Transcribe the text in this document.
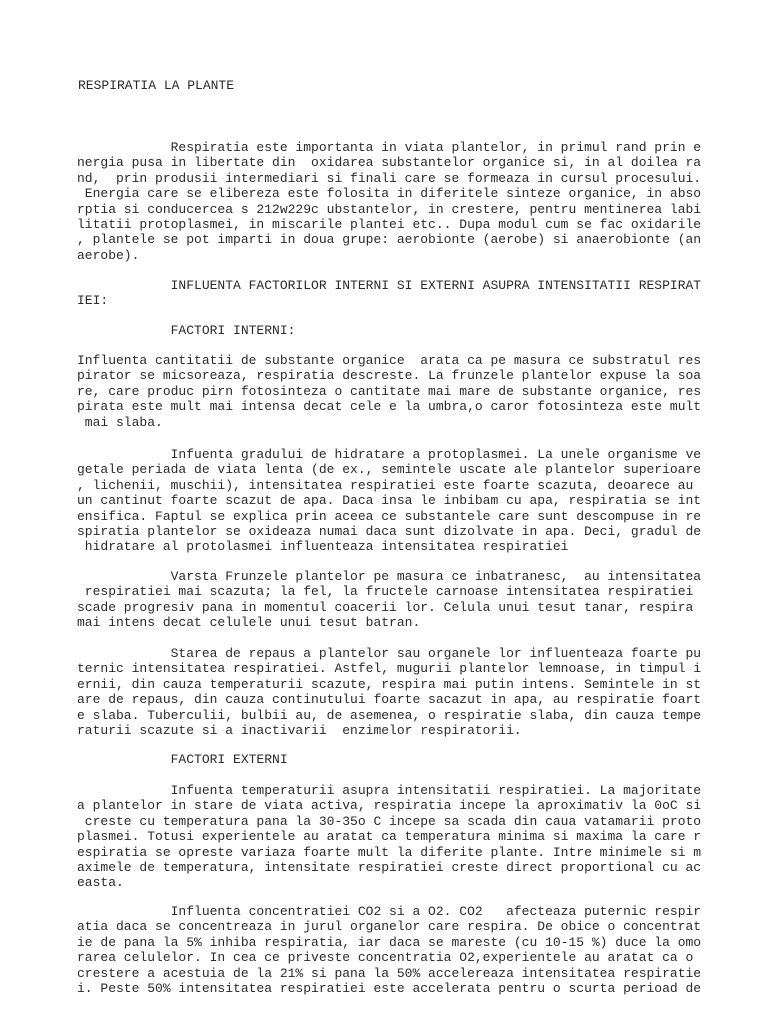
RESPIRATIA LA PLANTE
Respiratia este importanta in viata plantelor, in primul rand prin e
nergia pusa in libertate din  oxidarea substantelor organice si, in al doilea ra
nd,  prin produsii intermediari si finali care se formeaza in cursul procesului.
Energia care se elibereza este folosita in diferitele sinteze organice, in abso
rptia si conducercea s 212w229c ubstantelor, in crestere, pentru mentinerea labi
litatii protoplasmei, in miscarile plantei etc.. Dupa modul cum se fac oxidarile
, plantele se pot imparti in doua grupe: aerobionte (aerobe) si anaerobionte (an
aerobe).
INFLUENTA FACTORILOR INTERNI SI EXTERNI ASUPRA INTENSITATII RESPIRAT
IEI:
FACTORI INTERNI:
Influenta cantitatii de substante organice  arata ca pe masura ce substratul res
pirator se micsoreaza, respiratia descreste. La frunzele plantelor expuse la soa
re, care produc pirn fotosinteza o cantitate mai mare de substante organice, res
pirata este mult mai intensa decat cele e la umbra,o caror fotosinteza este mult
mai slaba.
Infuenta gradului de hidratare a protoplasmei. La unele organisme ve
getale periada de viata lenta (de ex., semintele uscate ale plantelor superioare
, lichenii, muschii), intensitatea respiratiei este foarte scazuta, deoarece au
un cantinut foarte scazut de apa. Daca insa le inbibam cu apa, respiratia se int
ensifica. Faptul se explica prin aceea ce substantele care sunt descompuse in re
spiratia plantelor se oxideaza numai daca sunt dizolvate in apa. Deci, gradul de
hidratare al protolasmei influenteaza intensitatea respiratiei
Varsta Frunzele plantelor pe masura ce inbatranesc,  au intensitatea
respiratiei mai scazuta; la fel, la fructele carnoase intensitatea respiratiei
scade progresiv pana in momentul coacerii lor. Celula unui tesut tanar, respira
mai intens decat celulele unui tesut batran.
Starea de repaus a plantelor sau organele lor influenteaza foarte pu
ternic intensitatea respiratiei. Astfel, mugurii plantelor lemnoase, in timpul i
ernii, din cauza temperaturii scazute, respira mai putin intens. Semintele in st
are de repaus, din cauza continutului foarte sacazut in apa, au respiratie foart
e slaba. Tuberculii, bulbii au, de asemenea, o respiratie slaba, din cauza tempe
raturii scazute si a inactivarii  enzimelor respiratorii.
FACTORI EXTERNI
Infuenta temperaturii asupra intensitatii respiratiei. La majoritate
a plantelor in stare de viata activa, respiratia incepe la aproximativ la 0oC si
creste cu temperatura pana la 30-35o C incepe sa scada din caua vatamarii proto
plasmei. Totusi experientele au aratat ca temperatura minima si maxima la care r
espiratia se opreste variaza foarte mult la diferite plante. Intre minimele si m
aximele de temperatura, intensitate respiratiei creste direct proportional cu ac
easta.
Influenta concentratiei CO2 si a O2. CO2   afecteaza puternic respir
atia daca se concentreaza in jurul organelor care respira. De obice o concentrat
ie de pana la 5% inhiba respiratia, iar daca se mareste (cu 10-15 %) duce la omo
rarea celulelor. In cea ce priveste concentratia O2,experientele au aratat ca o
crestere a acestuia de la 21% si pana la 50% accelereaza intensitatea respiratie
i. Peste 50% intensitatea respiratiei este accelerata pentru o scurta perioad de
